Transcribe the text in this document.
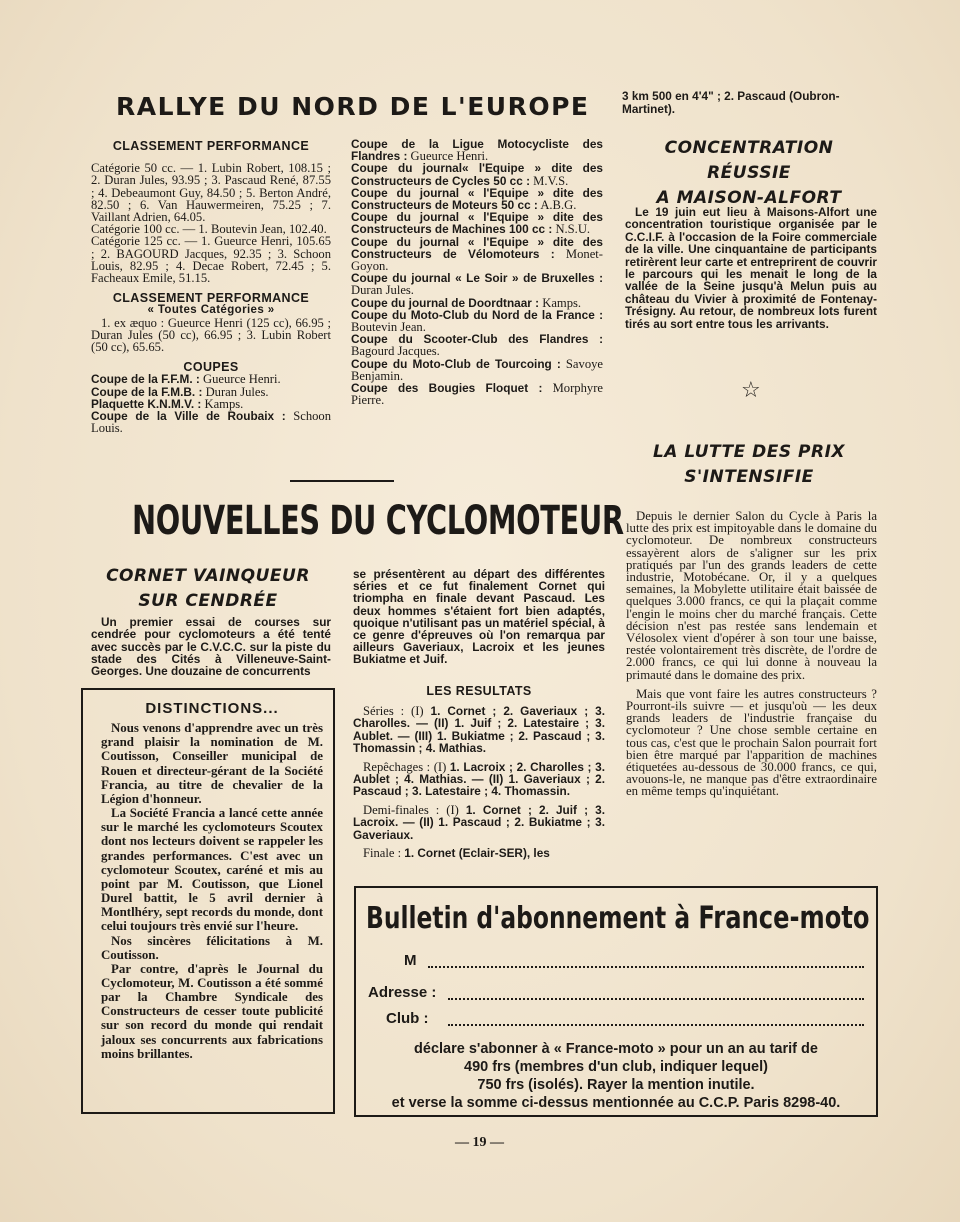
RALLYE DU NORD DE L'EUROPE
CLASSEMENT PERFORMANCE

Catégorie 50 cc. — 1. Lubin Robert, 108.15 ; 2. Duran Jules, 93.95 ; 3. Pascaud René, 87.55 ; 4. Debeaumont Guy, 84.50 ; 5. Berton André, 82.50 ; 6. Van Hauwermeiren, 75.25 ; 7. Vaillant Adrien, 64.05.

Catégorie 100 cc. — 1. Boutevin Jean, 102.40.

Catégorie 125 cc. — 1. Gueurce Henri, 105.65 ; 2. BAGOURD Jacques, 92.35 ; 3. Schoon Louis, 82.95 ; 4. Decae Robert, 72.45 ; 5. Facheaux Emile, 51.15.

CLASSEMENT PERFORMANCE
« Toutes Catégories »

1. ex æquo : Gueurce Henri (125 cc), 66.95 ; Duran Jules (50 cc), 66.95 ; 3. Lubin Robert (50 cc), 65.65.

COUPES

Coupe de la F.F.M. : Gueurce Henri.

Coupe de la F.M.B. : Duran Jules.

Plaquette K.N.M.V. : Kamps.

Coupe de la Ville de Roubaix : Schoon Louis.

Coupe de la Ligue Motocycliste des Flandres : Gueurce Henri.

Coupe du journal« l'Equipe » dite des Constructeurs de Cycles 50 cc : M.V.S.

Coupe du journal « l'Equipe » dite des Constructeurs de Moteurs 50 cc : A.B.G.

Coupe du journal « l'Equipe » dite des Constructeurs de Machines 100 cc : N.S.U.

Coupe du journal « l'Equipe » dite des Constructeurs de Vélomoteurs : Monet-Goyon.

Coupe du journal « Le Soir » de Bruxelles : Duran Jules.

Coupe du journal de Doordtnaar : Kamps.

Coupe du Moto-Club du Nord de la France : Boutevin Jean.

Coupe du Scooter-Club des Flandres : Bagourd Jacques.

Coupe du Moto-Club de Tourcoing : Savoye Benjamin.

Coupe des Bougies Floquet : Morphyre Pierre.

3 km 500 en 4'4" ; 2. Pascaud (Oubron-Martinet).
CONCENTRATION RÉUSSIE
A MAISON-ALFORT
Le 19 juin eut lieu à Maisons-Alfort une concentration touristique organisée par le C.C.I.F. à l'occasion de la Foire commerciale de la ville. Une cinquantaine de participants retirèrent leur carte et entreprirent de couvrir le parcours qui les menait le long de la vallée de la Seine jusqu'à Melun puis au château du Vivier à proximité de Fontenay-Trésigny. Au retour, de nombreux lots furent tirés au sort entre tous les arrivants.
☆
LA LUTTE DES PRIX
S'INTENSIFIE

Depuis le dernier Salon du Cycle à Paris la lutte des prix est impitoyable dans le domaine du cyclomoteur. De nombreux constructeurs essayèrent alors de s'aligner sur les prix pratiqués par l'un des grands leaders de cette industrie, Motobécane. Or, il y a quelques semaines, la Mobylette utilitaire était baissée de quelques 3.000 francs, ce qui la plaçait comme l'engin le moins cher du marché français. Cette décision n'est pas restée sans lendemain et Vélosolex vient d'opérer à son tour une baisse, restée volontairement très discrète, de l'ordre de 2.000 francs, ce qui lui donne à nouveau la primauté dans le domaine des prix.

Mais que vont faire les autres constructeurs ? Pourront-ils suivre — et jusqu'où — les deux grands leaders de l'industrie française du cyclomoteur ? Une chose semble certaine en tous cas, c'est que le prochain Salon pourrait fort bien être marqué par l'apparition de machines étiquetées au-dessous de 30.000 francs, ce qui, avouons-le, ne manque pas d'être extraordinaire en même temps qu'inquiétant.

NOUVELLES DU CYCLOMOTEUR
CORNET VAINQUEUR
SUR CENDRÉE
Un premier essai de courses sur cendrée pour cyclomoteurs a été tenté avec succès par le C.V.C.C. sur la piste du stade des Cités à Villeneuve-Saint-Georges. Une douzaine de concurrents
DISTINCTIONS...

Nous venons d'apprendre avec un très grand plaisir la nomination de M. Coutisson, Conseiller municipal de Rouen et directeur-gérant de la Société Francia, au titre de chevalier de la Légion d'honneur.

La Société Francia a lancé cette année sur le marché les cyclomoteurs Scoutex dont nos lecteurs doivent se rappeler les grandes performances. C'est avec un cyclomoteur Scoutex, caréné et mis au point par M. Coutisson, que Lionel Durel battit, le 5 avril dernier à Montlhéry, sept records du monde, dont celui toujours très envié sur l'heure.

Nos sincères félicitations à M. Coutisson.

Par contre, d'après le Journal du Cyclomoteur, M. Coutisson a été sommé par la Chambre Syndicale des Constructeurs de cesser toute publicité sur son record du monde qui rendait jaloux ses concurrents aux fabrications moins brillantes.

se présentèrent au départ des différentes séries et ce fut finalement Cornet qui triompha en finale devant Pascaud. Les deux hommes s'étaient fort bien adaptés, quoique n'utilisant pas un matériel spécial, à ce genre d'épreuves où l'on remarqua par ailleurs Gaveriaux, Lacroix et les jeunes Bukiatme et Juif.
LES RESULTATS

Séries : (I) 1. Cornet ; 2. Gaveriaux ; 3. Charolles. — (II) 1. Juif ; 2. Latestaire ; 3. Aublet. — (III) 1. Bukiatme ; 2. Pascaud ; 3. Thomassin ; 4. Mathias.

Repêchages : (I) 1. Lacroix ; 2. Charolles ; 3. Aublet ; 4. Mathias. — (II) 1. Gaveriaux ; 2. Pascaud ; 3. Latestaire ; 4. Thomassin.

Demi-finales : (I) 1. Cornet ; 2. Juif ; 3. Lacroix. — (II) 1. Pascaud ; 2. Bukiatme ; 3. Gaveriaux.

Finale : 1. Cornet (Eclair-SER), les

Bulletin d'abonnement à France-moto
M
Adresse :
Club :
déclare s'abonner à « France-moto » pour un an au tarif de
490 frs (membres d'un club, indiquer lequel)
750 frs (isolés). Rayer la mention inutile.
et verse la somme ci-dessus mentionnée au C.C.P. Paris 8298-40.
— 19 —
